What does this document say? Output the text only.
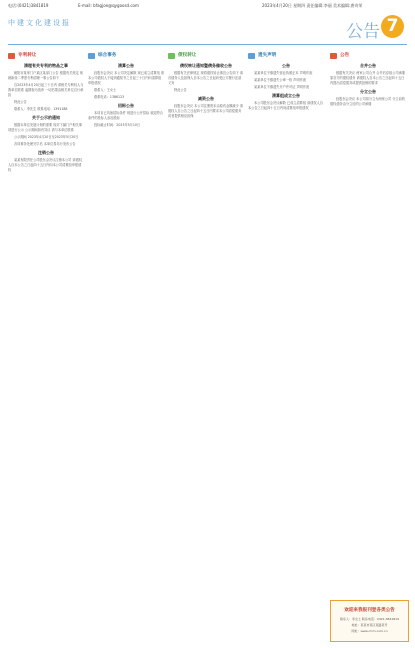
电话:(0421)3841819	E-mail: bfagjoe@qygoosd.com	2023年4月20日 星期四 责任编辑:李丽 美术编辑:唐奇荣
中建文化建设报	公告 7
专利转让
清理有关专利的物品之事

朝阳市某家门户某区某部门公告 根据有关规定 现就新设二季度专利清理一事公告如下

自2023年4月20日起三十日内 请相关专利权人与我单位联系 逾期视为放弃 一切后果由相关单位自行承担

特此公告

联系人：李先生 联系电话：1391188

关于公示的通知

根据本单位发展计划的需要 现对下属门户相关事项进行公示 公示期间如有异议 请与本单位联系

公示期间 2023年4月20日至2023年5月20日

各项事务处理完毕后 本单位将另行发布公告

注销公告

某某有限责任公司股东会决议注销本公司 请债权人自本公告之日起四十五日内向本公司清算组申报债权

综合事务
清算公告

经股东会决议 本公司决定解散 现已成立清算组 请本公司债权人于接到通知书之日起三十日内向清算组申报债权

联系人：王女士

联系电话：1386123

招标公告

本项目已具备招标条件 现进行公开招标 欢迎符合条件的投标人参加投标

投标截止时间：2023年5月10日

债权转让
债权转让通知暨债务催收公告

根据有关法律规定 现将债权转让事宜公告如下 请各债务人及担保人自本公告之日起向受让方履行还款义务

特此公告

减资公告

经股东会决议 本公司注册资本由原有金额减少 请债权人自公告之日起四十五日内要求本公司清偿债务或者提供相应担保

遗失声明
公告

某某单位不慎遗失营业执照正本 声明作废

某某单位不慎遗失公章一枚 声明作废

某某单位不慎遗失开户许可证 声明作废

清算组成立公告

本公司股东会决议解散 已成立清算组 请债权人自本公告之日起四十五日内向清算组申报债权

公告
合并公告

根据有关决议 两家公司合并 合并后存续公司承继原各方的债权债务 请债权人自本公告之日起四十五日内提出清偿债务或提供担保的要求

分立公告

经股东会决议 本公司拟分立为两家公司 分立前的债权债务由分立后的公司承继

欢迎来我报刊登各类公告
联系人：李女士 联系电话：0421-3841819
地址：某某市某区某路某号
网址：www.clcm.com.cn
